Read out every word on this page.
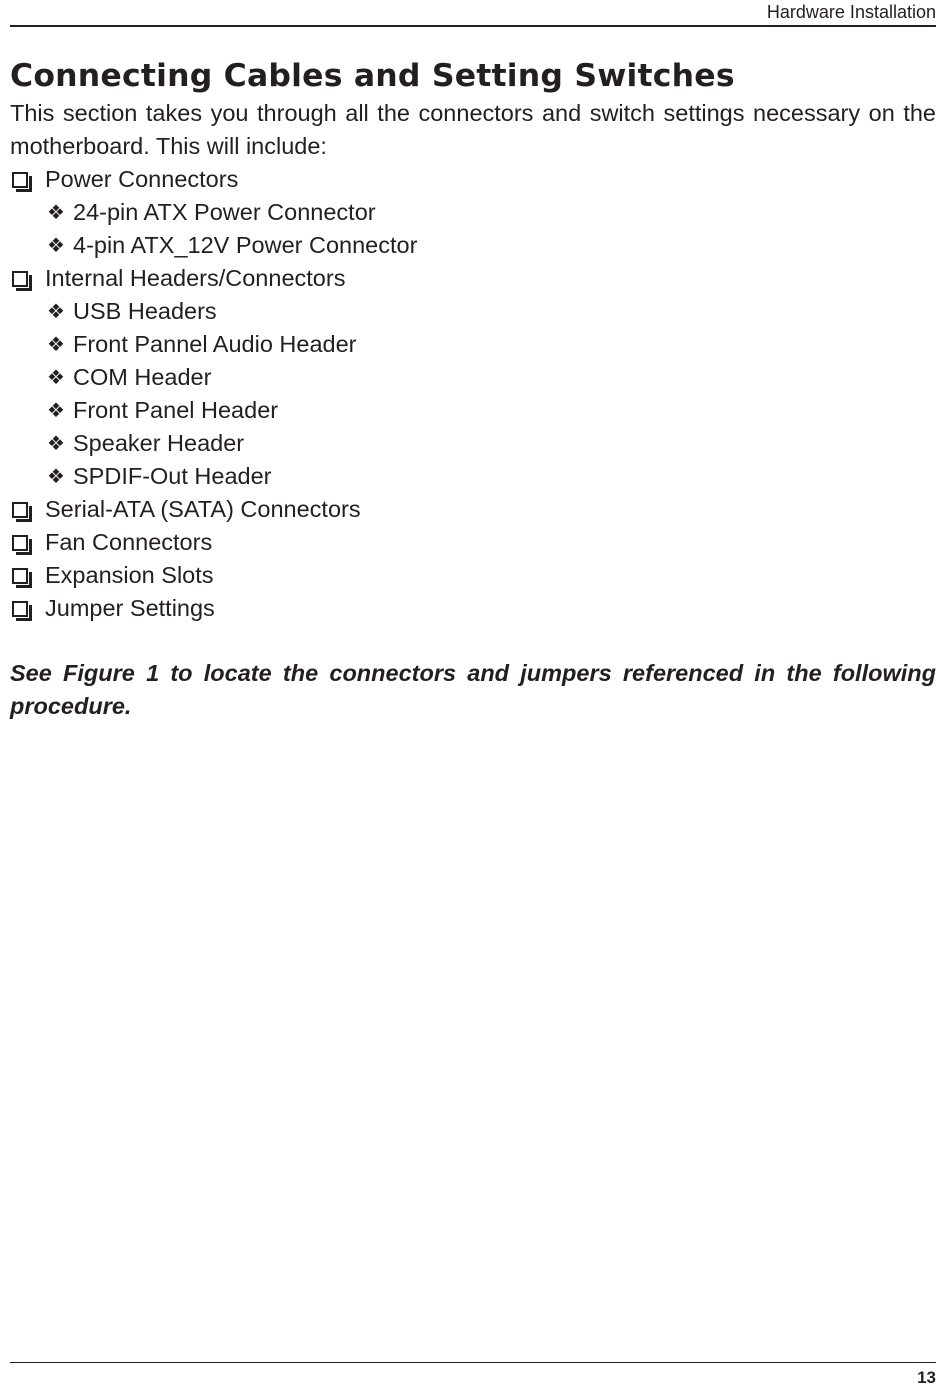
Hardware Installation
Connecting Cables and Setting Switches

This section takes you through all the connectors and switch settings necessary on the motherboard. This will include:

Power Connectors
❖ 24-pin ATX Power Connector
❖ 4-pin ATX_12V Power Connector
Internal Headers/Connectors
❖ USB Headers
❖ Front Pannel Audio Header
❖ COM Header
❖ Front Panel Header
❖ Speaker Header
❖ SPDIF-Out Header
Serial-ATA (SATA) Connectors
Fan Connectors
Expansion Slots
Jumper Settings

See Figure 1 to locate the connectors and jumpers referenced in the following procedure.

13
